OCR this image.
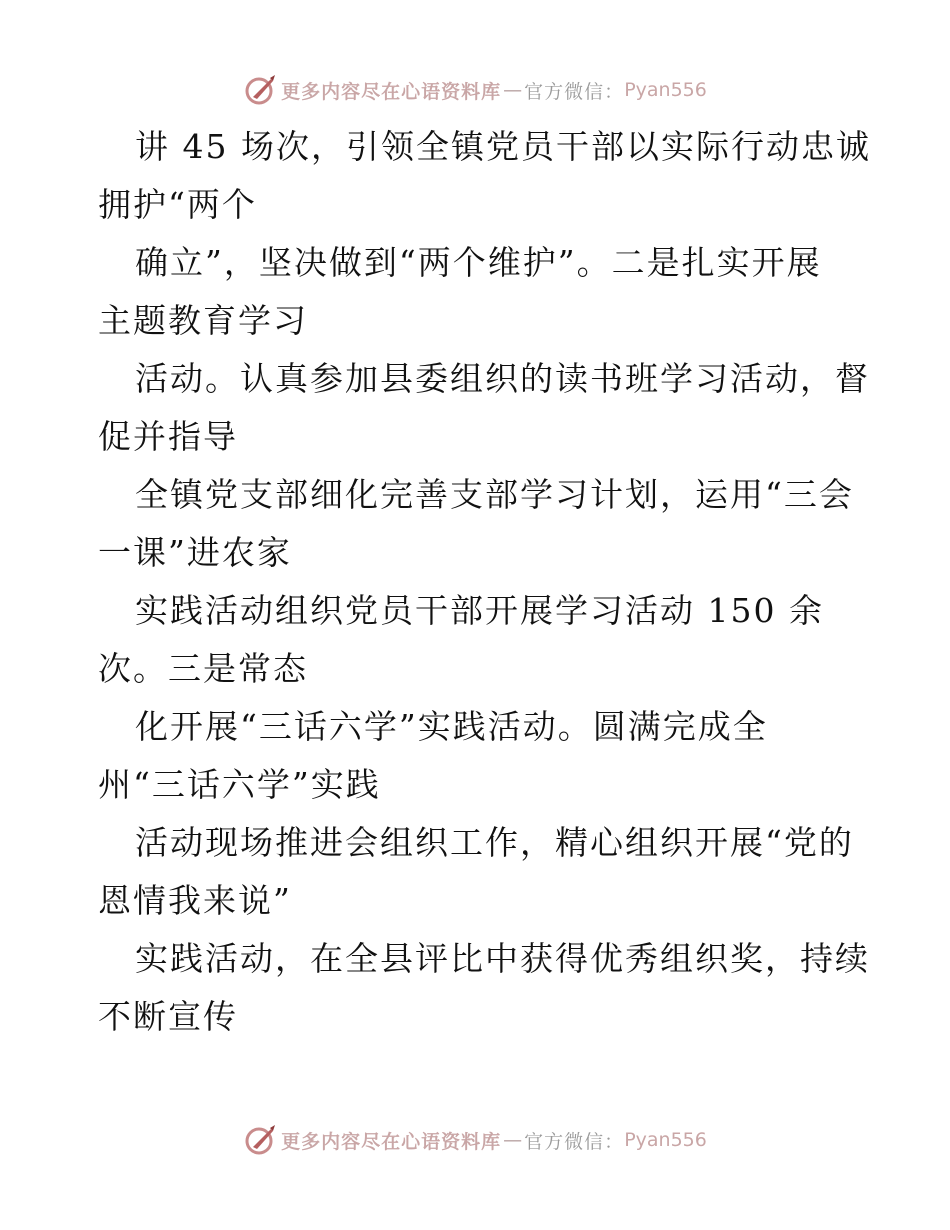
更多内容尽在心语资料库 — 官方微信： Pyan556
讲 45 场次，引领全镇党员干部以实际行动忠诚
拥护“两个
确立”，坚决做到“两个维护”。二是扎实开展
主题教育学习
活动。认真参加县委组织的读书班学习活动，督
促并指导
全镇党支部细化完善支部学习计划，运用“三会
一课”进农家
实践活动组织党员干部开展学习活动 150 余
次。三是常态
化开展“三话六学”实践活动。圆满完成全
州“三话六学”实践
活动现场推进会组织工作，精心组织开展“党的
恩情我来说”
实践活动，在全县评比中获得优秀组织奖，持续
不断宣传
更多内容尽在心语资料库 — 官方微信： Pyan556
